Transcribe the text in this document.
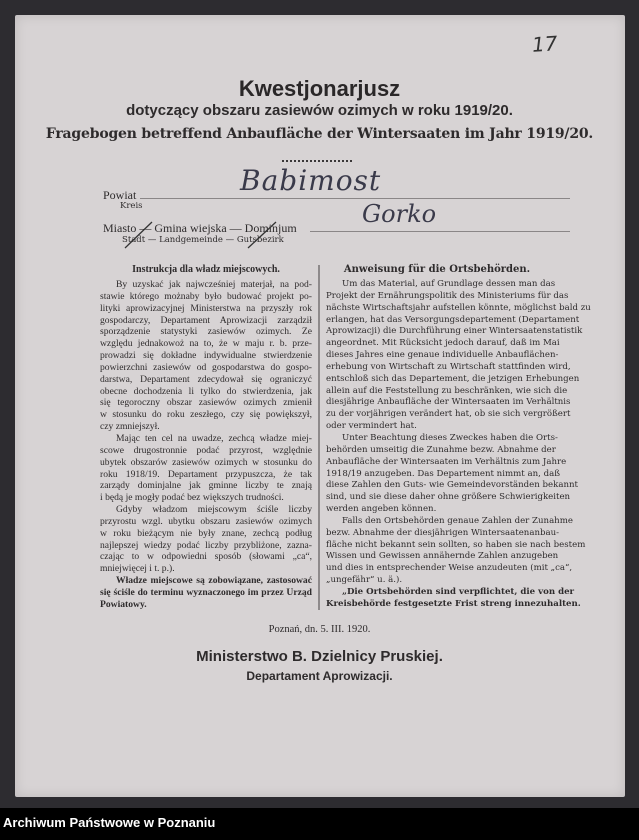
17
Kwestjonarjusz
dotyczący obszaru zasiewów ozimych w roku 1919/20.
Fragebogen betreffend Anbaufläche der Wintersaaten im Jahr 1919/20.
Powiat
Kreis
Babimost
Miasto — Gmina wiejska — Dominjum
Stadt — Landgemeinde — Gutsbezirk
Gorko
Instrukcja dla władz miejscowych.
By uzyskać jak najwcześniej materjał, na pod-
stawie którego możnaby było budować projekt po-
lityki aprowizacyjnej Ministerstwa na przyszły rok
gospodarczy, Departament Aprowizacji zarządził
sporządzenie statystyki zasiewów ozimych. Ze
względu jednakowoż na to, że w maju r. b. prze-
prowadzi się dokładne indywidualne stwierdzenie
powierzchni zasiewów od gospodarstwa do gospo-
darstwa, Departament zdecydował się ograniczyć
obecne dochodzenia li tylko do stwierdzenia, jak
się tegoroczny obszar zasiewów ozimych zmienił
w stosunku do roku zeszłego, czy się powiększył,
czy zmniejszył.
Mając ten cel na uwadze, zechcą władze miej-
scowe drugostronnie podać przyrost, względnie
ubytek obszarów zasiewów ozimych w stosunku do
roku 1918/19. Departament przypuszcza, że tak
zarządy dominjalne jak gminne liczby te znają
i będą je mogły podać bez większych trudności.
Gdyby władzom miejscowym ściśle liczby
przyrostu wzgl. ubytku obszaru zasiewów ozimych
w roku bieżącym nie były znane, zechcą podług
najlepszej wiedzy podać liczby przybliżone, zazna-
czając to w odpowiedni sposób (słowami „ca“,
mniejwięcej i t. p.).
Władze miejscowe są zobowiązane, zastosować
się ściśle do terminu wyznaczonego im przez Urząd
Powiatowy.
Anweisung für die Ortsbehörden.
Um das Material, auf Grundlage dessen man das
Projekt der Ernährungspolitik des Ministeriums für das
nächste Wirtschaftsjahr aufstellen könnte, möglichst bald zu
erlangen, hat das Versorgungsdepartement (Departament
Aprowizacji) die Durchführung einer Wintersaatenstatistik
angeordnet. Mit Rücksicht jedoch darauf, daß im Mai
dieses Jahres eine genaue individuelle Anbauflächen-
erhebung von Wirtschaft zu Wirtschaft stattfinden wird,
entschloß sich das Departement, die jetzigen Erhebungen
allein auf die Feststellung zu beschränken, wie sich die
diesjährige Anbaufläche der Wintersaaten im Verhältnis
zu der vorjährigen verändert hat, ob sie sich vergrößert
oder vermindert hat.
Unter Beachtung dieses Zweckes haben die Orts-
behörden umseitig die Zunahme bezw. Abnahme der
Anbaufläche der Wintersaaten im Verhältnis zum Jahre
1918/19 anzugeben. Das Departement nimmt an, daß
diese Zahlen den Guts- wie Gemeindevorständen bekannt
sind, und sie diese daher ohne größere Schwierigkeiten
werden angeben können.
Falls den Ortsbehörden genaue Zahlen der Zunahme
bezw. Abnahme der diesjährigen Wintersaatenanbau-
fläche nicht bekannt sein sollten, so haben sie nach bestem
Wissen und Gewissen annähernde Zahlen anzugeben
und dies in entsprechender Weise anzudeuten (mit „ca“,
„ungefähr“ u. ä.).
„Die Ortsbehörden sind verpflichtet, die von der
Kreisbehörde festgesetzte Frist streng innezuhalten.
Poznań, dn. 5. III. 1920.
Ministerstwo B. Dzielnicy Pruskiej.
Departament Aprowizacji.
Archiwum Państwowe w Poznaniu
